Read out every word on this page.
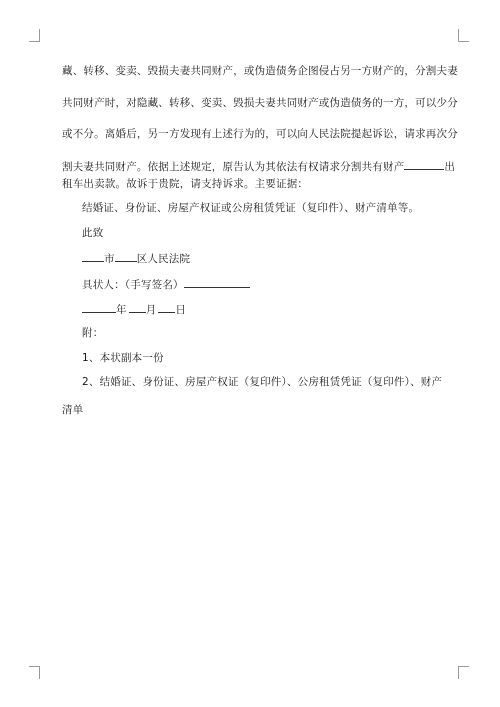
藏、转移、变卖、毁损夫妻共同财产，或伪造债务企图侵占另一方财产的，分割夫妻
共同财产时，对隐藏、转移、变卖、毁损夫妻共同财产或伪造债务的一方，可以少分
或不分。离婚后，另一方发现有上述行为的，可以向人民法院提起诉讼，请求再次分
割夫妻共同财产。依据上述规定，原告认为其依法有权请求分割共有财产	出
租车出卖款。故诉于贵院，请支持诉求。主要证据：
结婚证、身份证、房屋产权证或公房租赁凭证（复印件）、财产清单等。
此致
市 区人民法院
具状人：（手写签名）
年 月 日
附：
1、本状副本一份
2、结婚证、身份证、房屋产权证（复印件）、公房租赁凭证（复印件）、财产
清单
